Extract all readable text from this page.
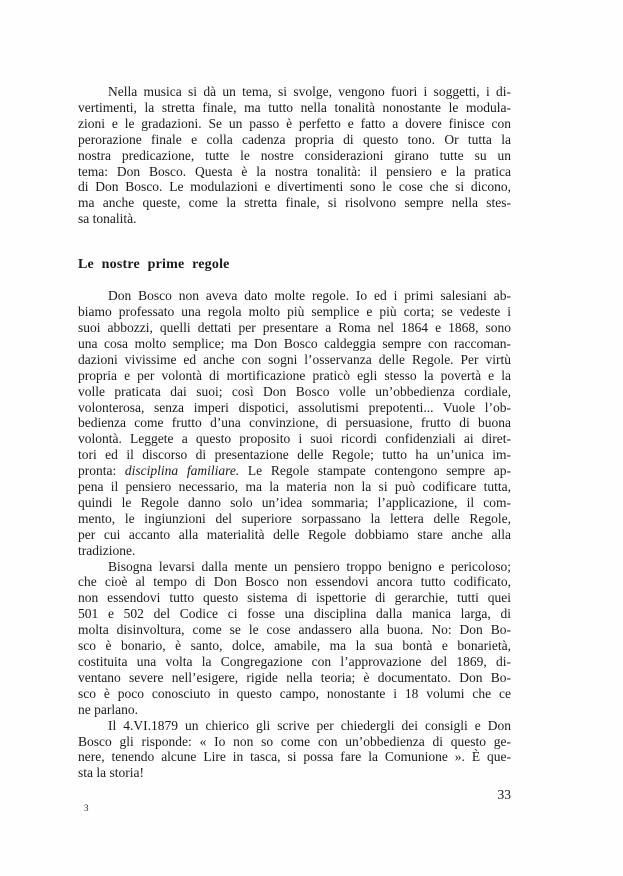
Nella musica si dà un tema, si svolge, vengono fuori i soggetti, i di-
vertimenti, la stretta finale, ma tutto nella tonalità nonostante le modula-
zioni e le gradazioni. Se un passo è perfetto e fatto a dovere finisce con
perorazione finale e colla cadenza propria di questo tono. Or tutta la
nostra predicazione, tutte le nostre considerazioni girano tutte su un
tema: Don Bosco. Questa è la nostra tonalità: il pensiero e la pratica
di Don Bosco. Le modulazioni e divertimenti sono le cose che si dicono,
ma anche queste, come la stretta finale, si risolvono sempre nella stes-
sa tonalità.
Le nostre prime regole
Don Bosco non aveva dato molte regole. Io ed i primi salesiani ab-
biamo professato una regola molto più semplice e più corta; se vedeste i
suoi abbozzi, quelli dettati per presentare a Roma nel 1864 e 1868, sono
una cosa molto semplice; ma Don Bosco caldeggia sempre con raccoman-
dazioni vivissime ed anche con sogni l’osservanza delle Regole. Per virtù
propria e per volontà di mortificazione praticò egli stesso la povertà e la
volle praticata dai suoi; così Don Bosco volle un’obbedienza cordiale,
volonterosa, senza imperi dispotici, assolutismi prepotenti... Vuole l’ob-
bedienza come frutto d’una convinzione, di persuasione, frutto di buona
volontà. Leggete a questo proposito i suoi ricordi confidenziali ai diret-
tori ed il discorso di presentazione delle Regole; tutto ha un’unica im-
pronta: disciplina familiare. Le Regole stampate contengono sempre ap-
pena il pensiero necessario, ma la materia non la si può codificare tutta,
quindi le Regole danno solo un’idea sommaria; l’applicazione, il com-
mento, le ingiunzioni del superiore sorpassano la lettera delle Regole,
per cui accanto alla materialità delle Regole dobbiamo stare anche alla
tradizione.
Bisogna levarsi dalla mente un pensiero troppo benigno e pericoloso;
che cioè al tempo di Don Bosco non essendovi ancora tutto codificato,
non essendovi tutto questo sistema di ispettorie di gerarchie, tutti quei
501 e 502 del Codice ci fosse una disciplina dalla manica larga, di
molta disinvoltura, come se le cose andassero alla buona. No: Don Bo-
sco è bonario, è santo, dolce, amabile, ma la sua bontà e bonarietà,
costituita una volta la Congregazione con l’approvazione del 1869, di-
ventano severe nell’esigere, rigide nella teoria; è documentato. Don Bo-
sco è poco conosciuto in questo campo, nonostante i 18 volumi che ce
ne parlano.
Il 4.VI.1879 un chierico gli scrive per chiedergli dei consigli e Don
Bosco gli risponde: « Io non so come con un’obbedienza di questo ge-
nere, tenendo alcune Lire in tasca, si possa fare la Comunione ». È que-
sta la storia!
33
3
